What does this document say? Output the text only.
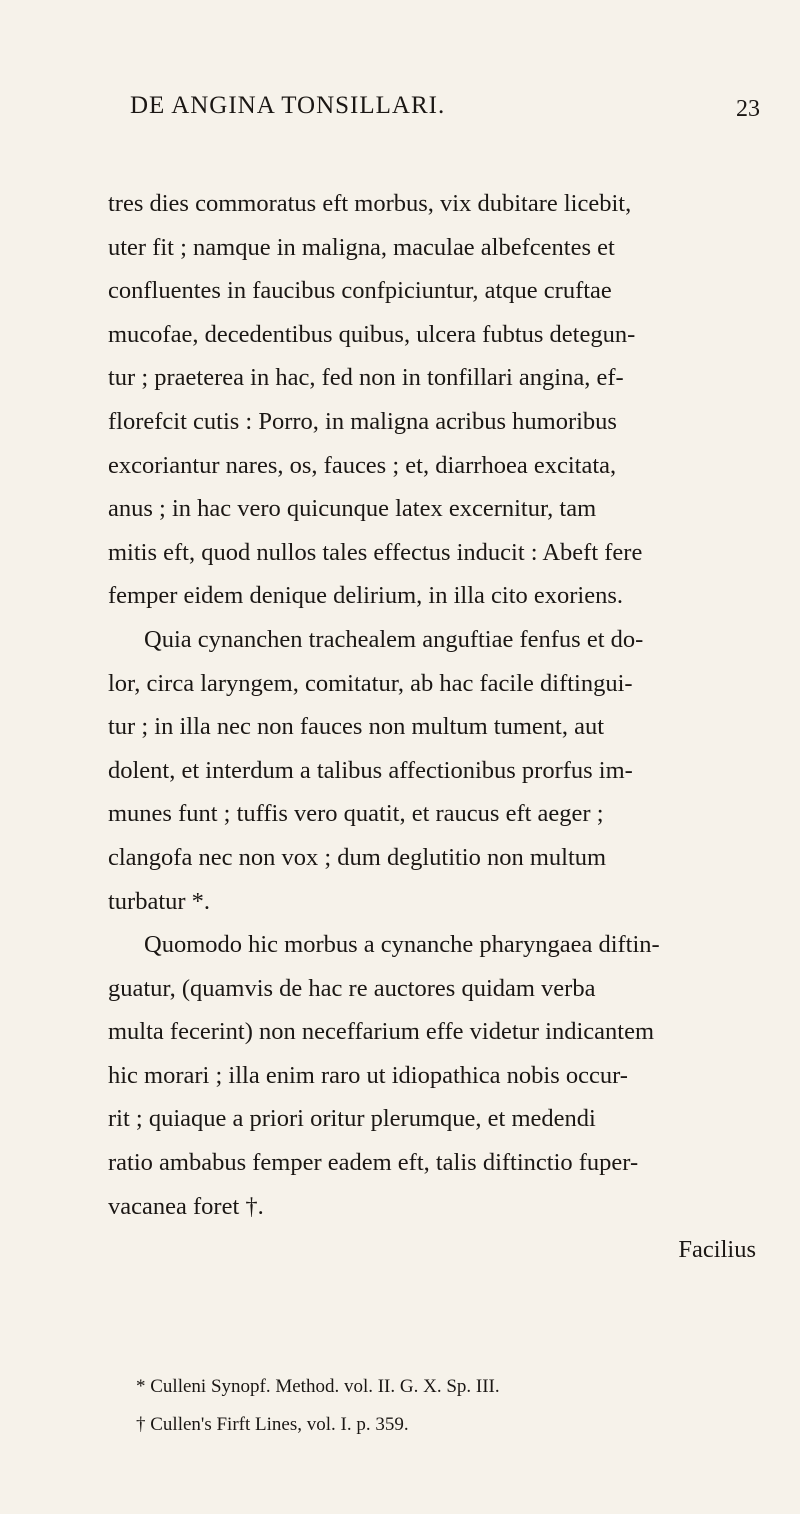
DE ANGINA TONSILLARI.	23
tres dies commoratus eft morbus, vix dubitare licebit,
uter fit ; namque in maligna, maculae albefcentes et
confluentes in faucibus confpiciuntur, atque cruftae
mucofae, decedentibus quibus, ulcera fubtus detegun-
tur ; praeterea in hac, fed non in tonfillari angina, ef-
florefcit cutis : Porro, in maligna acribus humoribus
excoriantur nares, os, fauces ; et, diarrhoea excitata,
anus ; in hac vero quicunque latex excernitur, tam
mitis eft, quod nullos tales effectus inducit : Abeft fere
femper eidem denique delirium, in illa cito exoriens.
Quia cynanchen trachealem anguftiae fenfus et do-
lor, circa laryngem, comitatur, ab hac facile diftingui-
tur ; in illa nec non fauces non multum tument, aut
dolent, et interdum a talibus affectionibus prorfus im-
munes funt ; tuffis vero quatit, et raucus eft aeger ;
clangofa nec non vox ; dum deglutitio non multum
turbatur *.
Quomodo hic morbus a cynanche pharyngaea diftin-
guatur, (quamvis de hac re auctores quidam verba
multa fecerint) non neceffarium effe videtur indicantem
hic morari ; illa enim raro ut idiopathica nobis occur-
rit ; quiaque a priori oritur plerumque, et medendi
ratio ambabus femper eadem eft, talis diftinctio fuper-
vacanea foret †.
Facilius
* Culleni Synopf. Method. vol. II. G. X. Sp. III.
† Cullen's Firft Lines, vol. I. p. 359.
